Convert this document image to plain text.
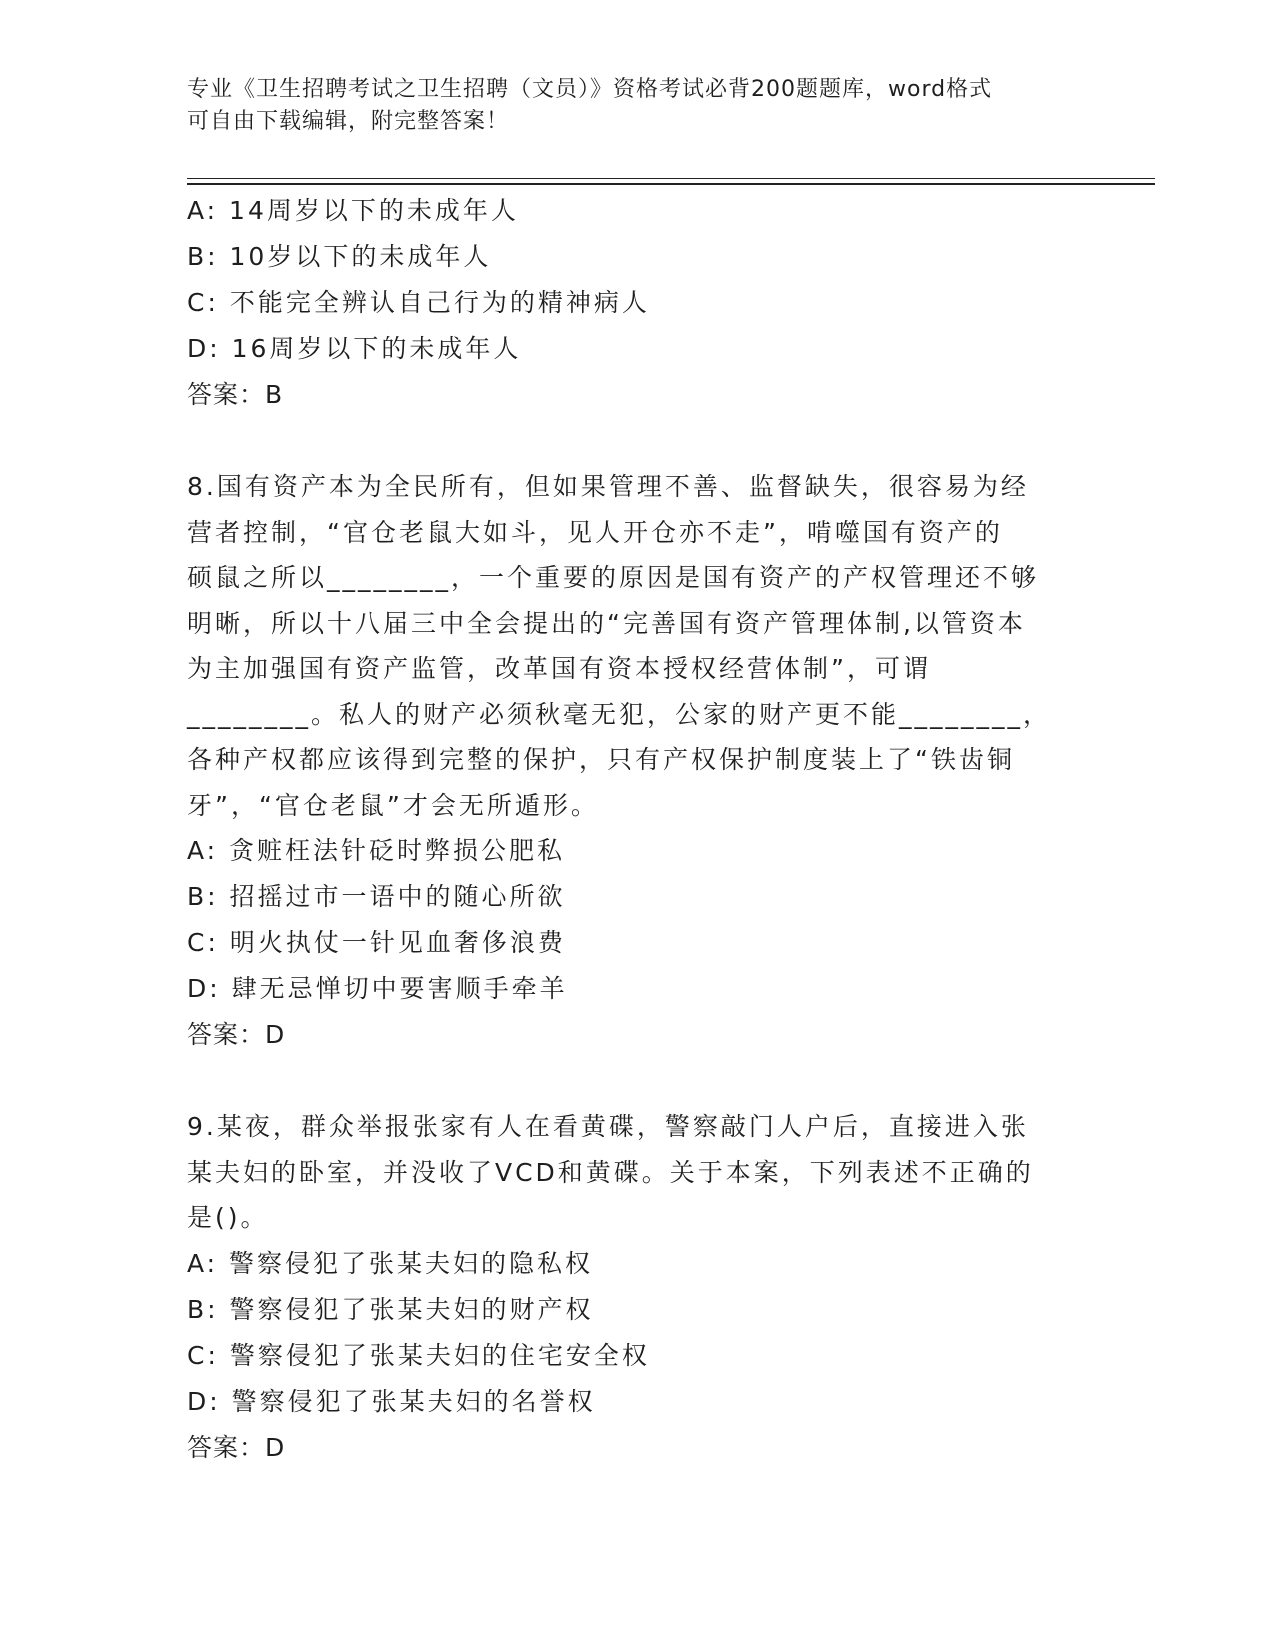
专业《卫生招聘考试之卫生招聘（文员）》资格考试必背200题题库，word格式
可自由下载编辑，附完整答案！
A: 14周岁以下的未成年人
B: 10岁以下的未成年人
C: 不能完全辨认自己行为的精神病人
D: 16周岁以下的未成年人
答案：B
8.国有资产本为全民所有，但如果管理不善、监督缺失，很容易为经
营者控制，“官仓老鼠大如斗，见人开仓亦不走”，啃噬国有资产的
硕鼠之所以________，一个重要的原因是国有资产的产权管理还不够
明晰，所以十八届三中全会提出的“完善国有资产管理体制,以管资本
为主加强国有资产监管，改革国有资本授权经营体制”，可谓
________。私人的财产必须秋毫无犯，公家的财产更不能________，
各种产权都应该得到完整的保护，只有产权保护制度装上了“铁齿铜
牙”，“官仓老鼠”才会无所遁形。
A: 贪赃枉法针砭时弊损公肥私
B: 招摇过市一语中的随心所欲
C: 明火执仗一针见血奢侈浪费
D: 肆无忌惮切中要害顺手牵羊
答案：D
9.某夜，群众举报张家有人在看黄碟，警察敲门人户后，直接进入张
某夫妇的卧室，并没收了VCD和黄碟。关于本案，下列表述不正确的
是()。
A: 警察侵犯了张某夫妇的隐私权
B: 警察侵犯了张某夫妇的财产权
C: 警察侵犯了张某夫妇的住宅安全权
D: 警察侵犯了张某夫妇的名誉权
答案：D
